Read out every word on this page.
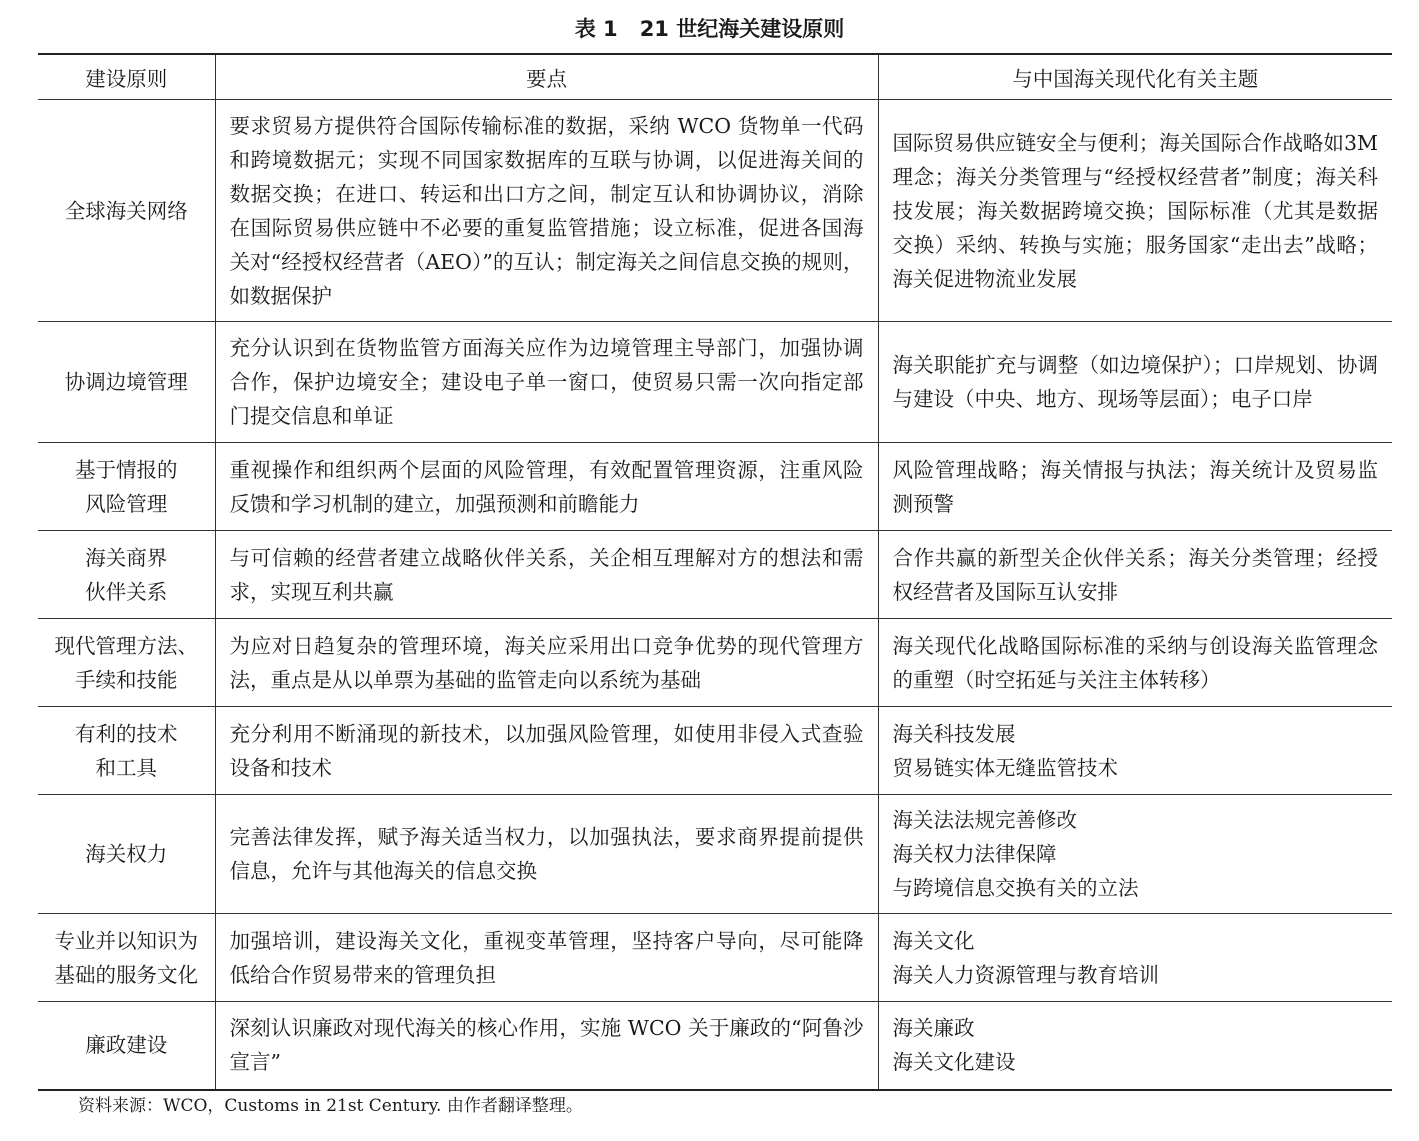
表 1 21 世纪海关建设原则
建设原则	要点	与中国海关现代化有关主题

全球海关网络	要求贸易方提供符合国际传输标准的数据，采纳 WCO 货物单一代码和跨境数据元；实现不同国家数据库的互联与协调，以促进海关间的数据交换；在进口、转运和出口方之间，制定互认和协调协议，消除在国际贸易供应链中不必要的重复监管措施；设立标准，促进各国海关对“经授权经营者（AEO）”的互认；制定海关之间信息交换的规则，如数据保护	国际贸易供应链安全与便利；海关国际合作战略如3M 理念；海关分类管理与“经授权经营者”制度；海关科技发展；海关数据跨境交换；国际标准（尤其是数据交换）采纳、转换与实施；服务国家“走出去”战略；海关促进物流业发展

协调边境管理	充分认识到在货物监管方面海关应作为边境管理主导部门，加强协调合作，保护边境安全；建设电子单一窗口，使贸易只需一次向指定部门提交信息和单证	海关职能扩充与调整（如边境保护）；口岸规划、协调与建设（中央、地方、现场等层面）；电子口岸

基于情报的
风险管理	重视操作和组织两个层面的风险管理，有效配置管理资源，注重风险反馈和学习机制的建立，加强预测和前瞻能力	风险管理战略；海关情报与执法；海关统计及贸易监测预警

海关商界
伙伴关系	与可信赖的经营者建立战略伙伴关系，关企相互理解对方的想法和需求，实现互利共赢	合作共赢的新型关企伙伴关系；海关分类管理；经授权经营者及国际互认安排

现代管理方法、
手续和技能	为应对日趋复杂的管理环境，海关应采用出口竞争优势的现代管理方法，重点是从以单票为基础的监管走向以系统为基础	海关现代化战略国际标准的采纳与创设海关监管理念的重塑（时空拓延与关注主体转移）

有利的技术
和工具	充分利用不断涌现的新技术，以加强风险管理，如使用非侵入式查验设备和技术	海关科技发展
贸易链实体无缝监管技术

海关权力	完善法律发挥，赋予海关适当权力，以加强执法，要求商界提前提供信息，允许与其他海关的信息交换	海关法法规完善修改
海关权力法律保障
与跨境信息交换有关的立法

专业并以知识为
基础的服务文化	加强培训，建设海关文化，重视变革管理，坚持客户导向，尽可能降低给合作贸易带来的管理负担	海关文化
海关人力资源管理与教育培训

廉政建设	深刻认识廉政对现代海关的核心作用，实施 WCO 关于廉政的“阿鲁沙宣言”	海关廉政
海关文化建设
资料来源：WCO，Customs in 21st Century. 由作者翻译整理。
